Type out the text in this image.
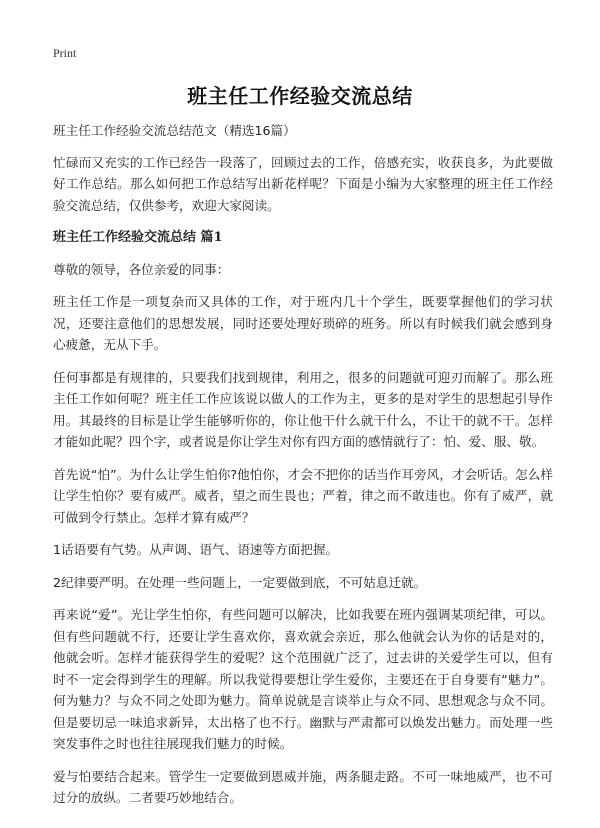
Print
班主任工作经验交流总结

班主任工作经验交流总结范文（精选16篇）

忙碌而又充实的工作已经告一段落了，回顾过去的工作，倍感充实，收获良多，为此要做好工作总结。那么如何把工作总结写出新花样呢？下面是小编为大家整理的班主任工作经验交流总结，仅供参考，欢迎大家阅读。

班主任工作经验交流总结 篇1

尊敬的领导，各位亲爱的同事：

班主任工作是一项复杂而又具体的工作，对于班内几十个学生，既要掌握他们的学习状况，还要注意他们的思想发展，同时还要处理好琐碎的班务。所以有时候我们就会感到身心疲惫，无从下手。

任何事都是有规律的，只要我们找到规律，利用之，很多的问题就可迎刃而解了。那么班主任工作如何呢？班主任工作应该说以做人的工作为主，更多的是对学生的思想起引导作用。其最终的目标是让学生能够听你的，你让他干什么就干什么，不让干的就不干。怎样才能如此呢？四个字，或者说是你让学生对你有四方面的感情就行了：怕、爱、服、敬。

首先说“怕”。为什么让学生怕你?他怕你，才会不把你的话当作耳旁风，才会听话。怎么样让学生怕你？要有威严。威者，望之而生畏也；严着，律之而不敢违也。你有了威严，就可做到令行禁止。怎样才算有威严？

1话语要有气势。从声调、语气、语速等方面把握。

2纪律要严明。在处理一些问题上，一定要做到底，不可姑息迁就。

再来说“爱”。光让学生怕你，有些问题可以解决，比如我要在班内强调某项纪律，可以。但有些问题就不行，还要让学生喜欢你，喜欢就会亲近，那么他就会认为你的话是对的，他就会听。怎样才能获得学生的爱呢？这个范围就广泛了，过去讲的关爱学生可以，但有时不一定会得到学生的理解。所以我觉得要想让学生爱你，主要还在于自身要有“魅力”。何为魅力？与众不同之处即为魅力。简单说就是言谈举止与众不同、思想观念与众不同。但是要切忌一味追求新异，太出格了也不行。幽默与严肃都可以焕发出魅力。而处理一些突发事件之时也往往展现我们魅力的时候。

爱与怕要结合起来。管学生一定要做到恩威并施，两条腿走路。不可一味地威严，也不可过分的放纵。二者要巧妙地结合。
